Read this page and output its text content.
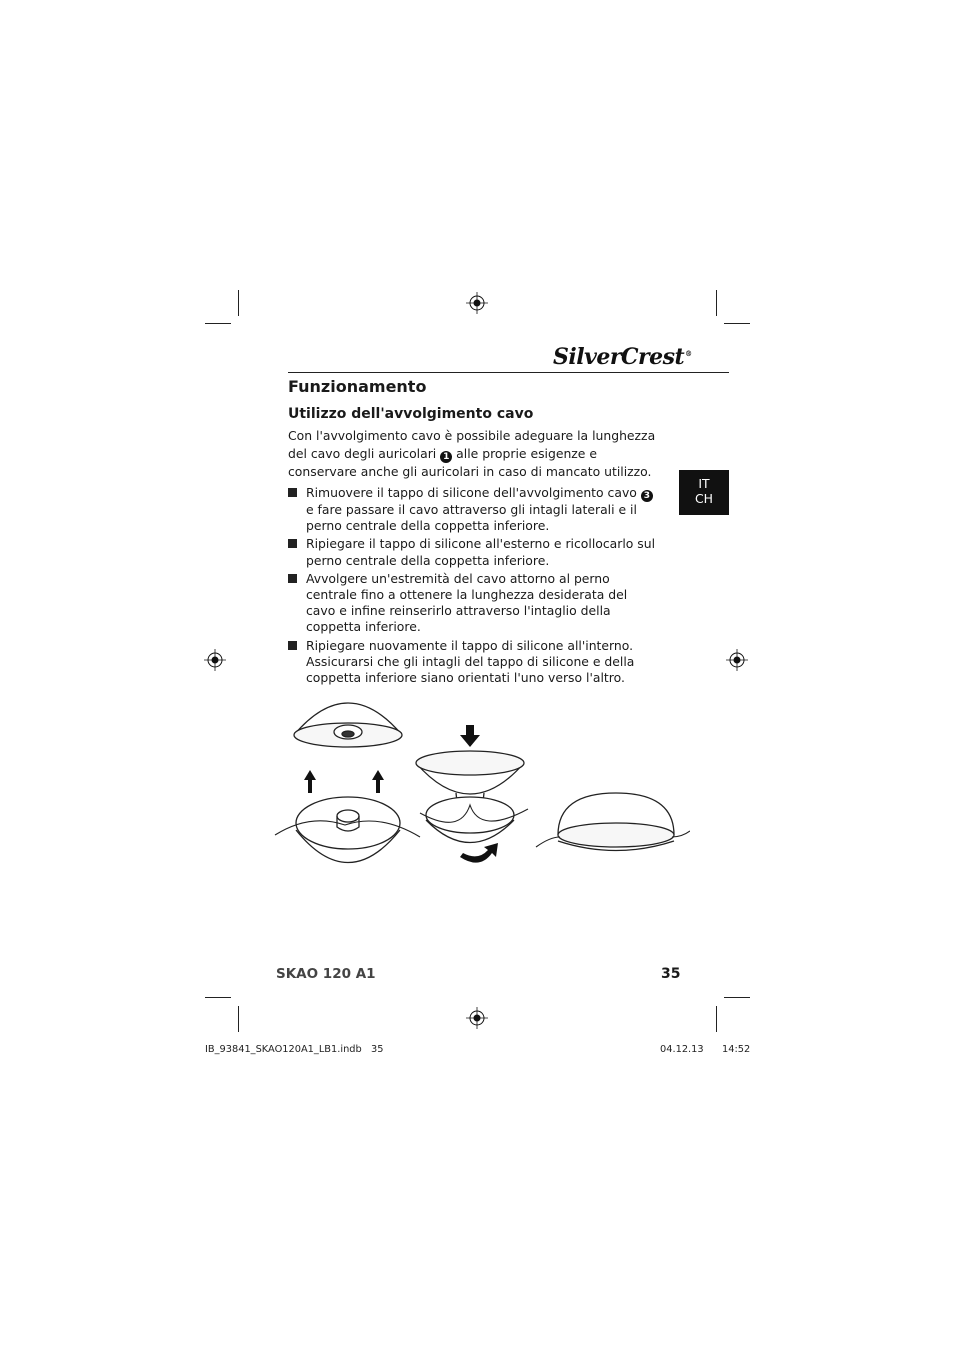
SilverCrest®
Funzionamento
Utilizzo dell'avvolgimento cavo
Con l'avvolgimento cavo è possibile adeguare la lunghezza del cavo degli auricolari 1 alle proprie esigenze e conservare anche gli auricolari in caso di mancato utilizzo.
Rimuovere il tappo di silicone dell'avvolgimento cavo 3 e fare passare il cavo attraverso gli intagli laterali e il perno centrale della coppetta inferiore.
Ripiegare il tappo di silicone all'esterno e ricollocarlo sul perno centrale della coppetta inferiore.
Avvolgere un'estremità del cavo attorno al perno centrale fino a ottenere la lunghezza desiderata del cavo e infine reinserirlo attraverso l'intaglio della coppetta inferiore.
Ripiegare nuovamente il tappo di silicone all'interno. Assicurarsi che gli intagli del tappo di silicone e della coppetta inferiore siano orientati l'uno verso l'altro.
IT
CH
SKAO 120 A1	35
IB_93841_SKAO120A1_LB1.indb   35	04.12.13 14:52
